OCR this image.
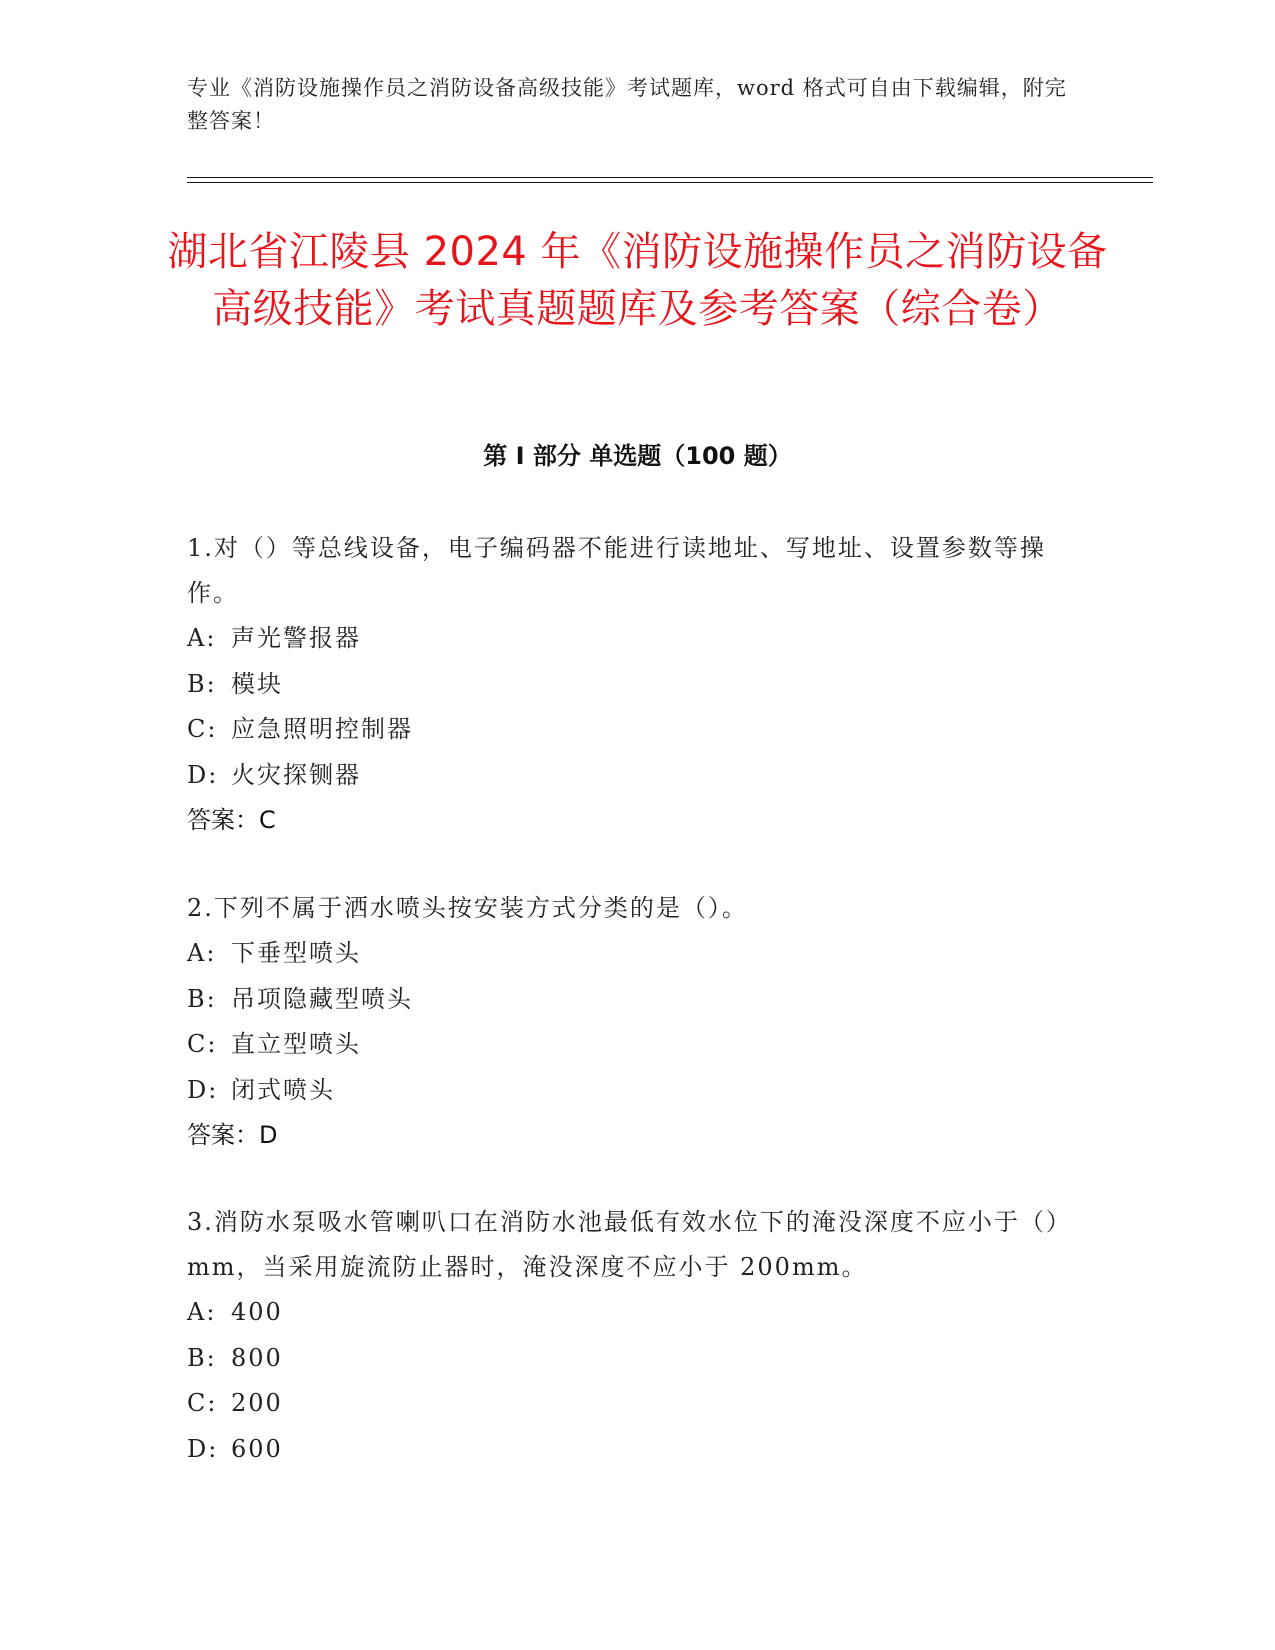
专业《消防设施操作员之消防设备高级技能》考试题库，word 格式可自由下载编辑，附完整答案！
湖北省江陵县 2024 年《消防设施操作员之消防设备高级技能》考试真题题库及参考答案（综合卷）
第 I 部分 单选题（100 题）

1.对（）等总线设备，电子编码器不能进行读地址、写地址、设置参数等操作。

A: 声光警报器

B: 模块

C: 应急照明控制器

D: 火灾探铡器

答案：C

2.下列不属于洒水喷头按安装方式分类的是（）。

A: 下垂型喷头

B: 吊项隐藏型喷头

C: 直立型喷头

D: 闭式喷头

答案：D

3.消防水泵吸水管喇叭口在消防水池最低有效水位下的淹没深度不应小于（）mm，当采用旋流防止器时，淹没深度不应小于 200mm。

A: 400

B: 800

C: 200

D: 600
